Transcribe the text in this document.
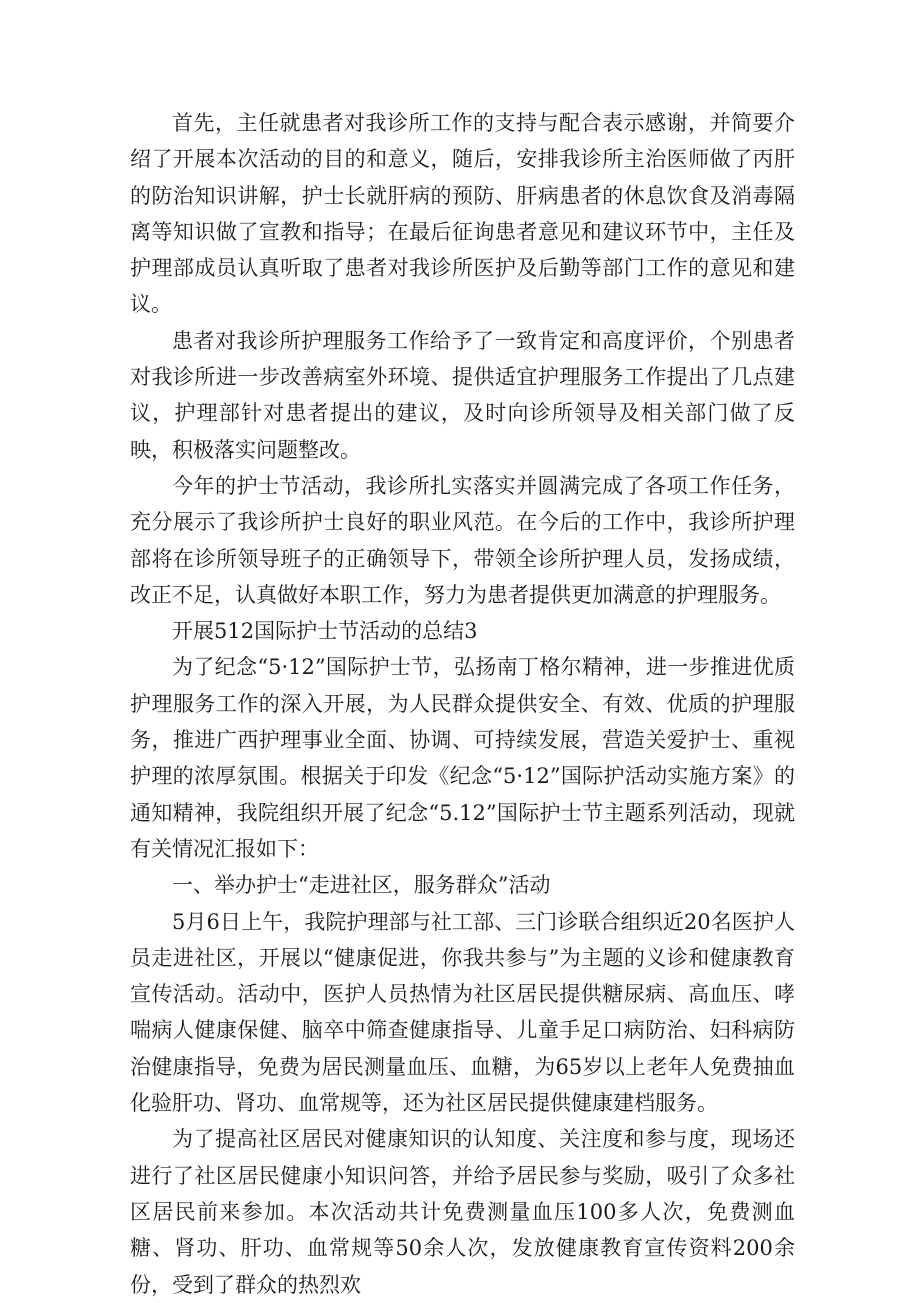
首先，主任就患者对我诊所工作的支持与配合表示感谢，并简要介绍了开展本次活动的目的和意义，随后，安排我诊所主治医师做了丙肝的防治知识讲解，护士长就肝病的预防、肝病患者的休息饮食及消毒隔离等知识做了宣教和指导；在最后征询患者意见和建议环节中，主任及护理部成员认真听取了患者对我诊所医护及后勤等部门工作的意见和建议。

患者对我诊所护理服务工作给予了一致肯定和高度评价，个别患者对我诊所进一步改善病室外环境、提供适宜护理服务工作提出了几点建议，护理部针对患者提出的建议，及时向诊所领导及相关部门做了反映，积极落实问题整改。

今年的护士节活动，我诊所扎实落实并圆满完成了各项工作任务，充分展示了我诊所护士良好的职业风范。在今后的工作中，我诊所护理部将在诊所领导班子的正确领导下，带领全诊所护理人员，发扬成绩，改正不足，认真做好本职工作，努力为患者提供更加满意的护理服务。

开展512国际护士节活动的总结3

为了纪念“5·12”国际护士节，弘扬南丁格尔精神，进一步推进优质护理服务工作的深入开展，为人民群众提供安全、有效、优质的护理服务，推进广西护理事业全面、协调、可持续发展，营造关爱护士、重视护理的浓厚氛围。根据关于印发《纪念“5·12”国际护活动实施方案》的通知精神，我院组织开展了纪念“5.12”国际护士节主题系列活动，现就有关情况汇报如下：

一、举办护士“走进社区，服务群众”活动

5月6日上午，我院护理部与社工部、三门诊联合组织近20名医护人员走进社区，开展以“健康促进，你我共参与”为主题的义诊和健康教育宣传活动。活动中，医护人员热情为社区居民提供糖尿病、高血压、哮喘病人健康保健、脑卒中筛查健康指导、儿童手足口病防治、妇科病防治健康指导，免费为居民测量血压、血糖，为65岁以上老年人免费抽血化验肝功、肾功、血常规等，还为社区居民提供健康建档服务。

为了提高社区居民对健康知识的认知度、关注度和参与度，现场还进行了社区居民健康小知识问答，并给予居民参与奖励，吸引了众多社区居民前来参加。本次活动共计免费测量血压100多人次，免费测血糖、肾功、肝功、血常规等50余人次，发放健康教育宣传资料200余份，受到了群众的热烈欢
